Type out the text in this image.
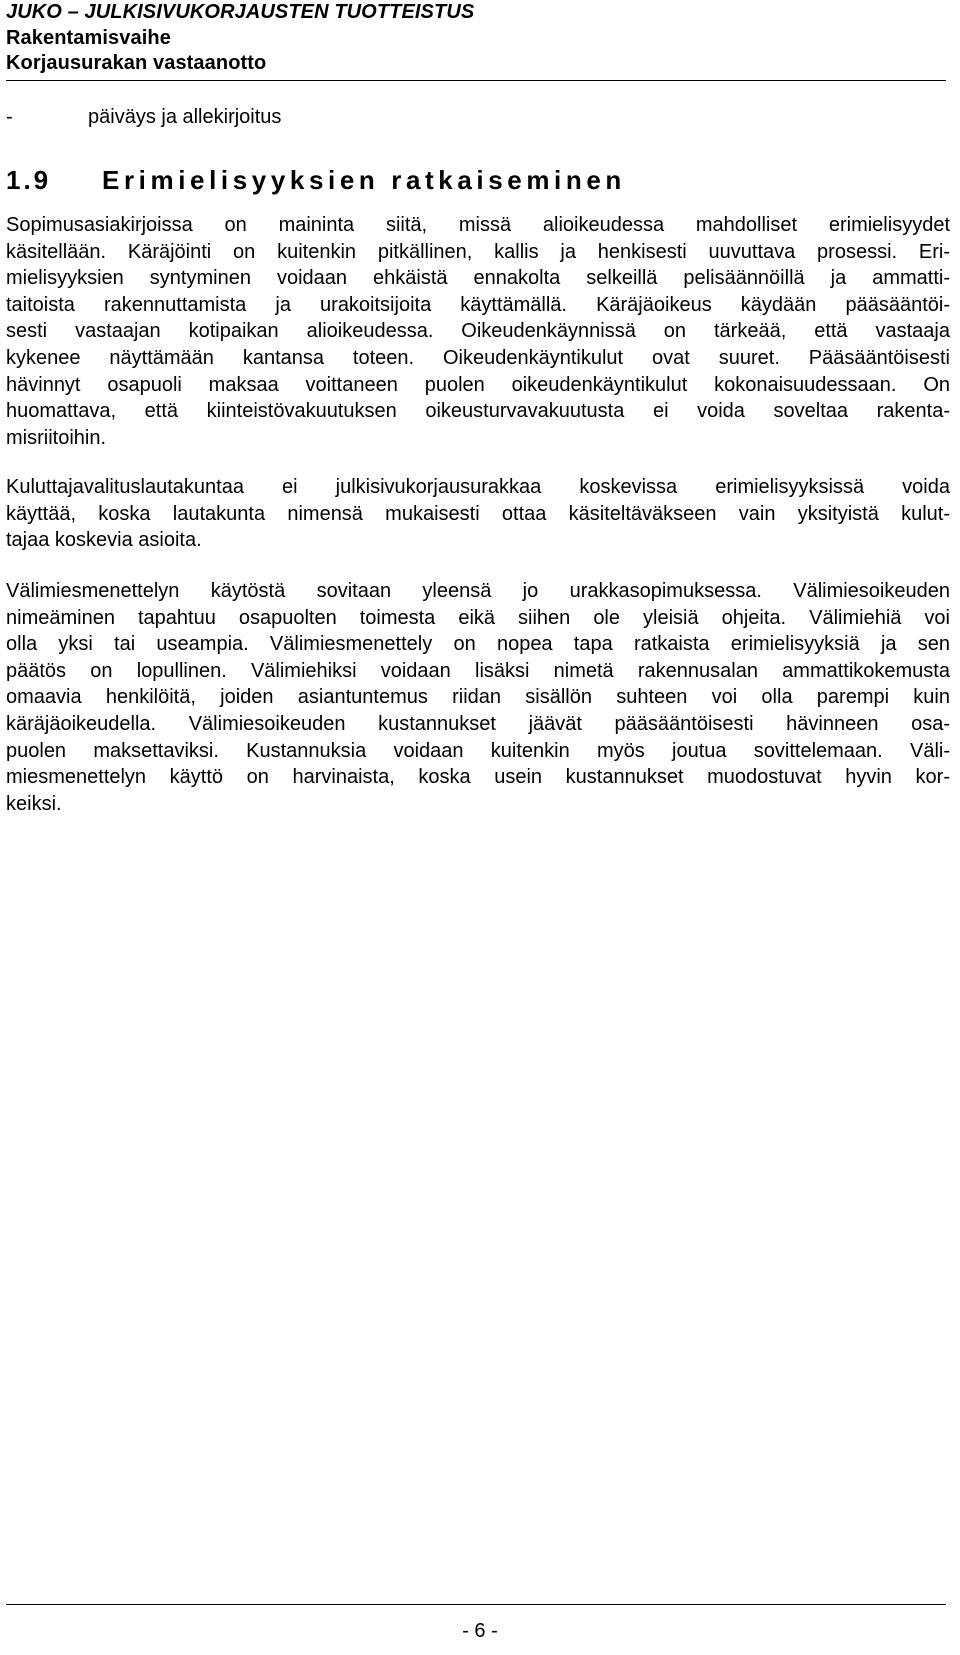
JUKO – JULKISIVUKORJAUSTEN TUOTTEISTUS
Rakentamisvaihe
Korjausurakan vastaanotto
-	päiväys ja allekirjoitus
1.9 Erimielisyyksien ratkaiseminen
Sopimusasiakirjoissa on maininta siitä, missä alioikeudessa mahdolliset erimielisyydet
käsitellään. Käräjöinti on kuitenkin pitkällinen, kallis ja henkisesti uuvuttava prosessi. Eri-
mielisyyksien syntyminen voidaan ehkäistä ennakolta selkeillä pelisäännöillä ja ammatti-
taitoista rakennuttamista ja urakoitsijoita käyttämällä. Käräjäoikeus käydään pääsääntöi-
sesti vastaajan kotipaikan alioikeudessa. Oikeudenkäynnissä on tärkeää, että vastaaja
kykenee näyttämään kantansa toteen. Oikeudenkäyntikulut ovat suuret. Pääsääntöisesti
hävinnyt osapuoli maksaa voittaneen puolen oikeudenkäyntikulut kokonaisuudessaan. On
huomattava, että kiinteistövakuutuksen oikeusturvavakuutusta ei voida soveltaa rakenta-
misriitoihin.
Kuluttajavalituslautakuntaa ei julkisivukorjausurakkaa koskevissa erimielisyyksissä voida
käyttää, koska lautakunta nimensä mukaisesti ottaa käsiteltäväkseen vain yksityistä kulut-
tajaa koskevia asioita.
Välimiesmenettelyn käytöstä sovitaan yleensä jo urakkasopimuksessa. Välimiesoikeuden
nimeäminen tapahtuu osapuolten toimesta eikä siihen ole yleisiä ohjeita. Välimiehiä voi
olla yksi tai useampia. Välimiesmenettely on nopea tapa ratkaista erimielisyyksiä ja sen
päätös on lopullinen. Välimiehiksi voidaan lisäksi nimetä rakennusalan ammattikokemusta
omaavia henkilöitä, joiden asiantuntemus riidan sisällön suhteen voi olla parempi kuin
käräjäoikeudella. Välimiesoikeuden kustannukset jäävät pääsääntöisesti hävinneen osa-
puolen maksettaviksi. Kustannuksia voidaan kuitenkin myös joutua sovittelemaan. Väli-
miesmenettelyn käyttö on harvinaista, koska usein kustannukset muodostuvat hyvin kor-
keiksi.
- 6 -
